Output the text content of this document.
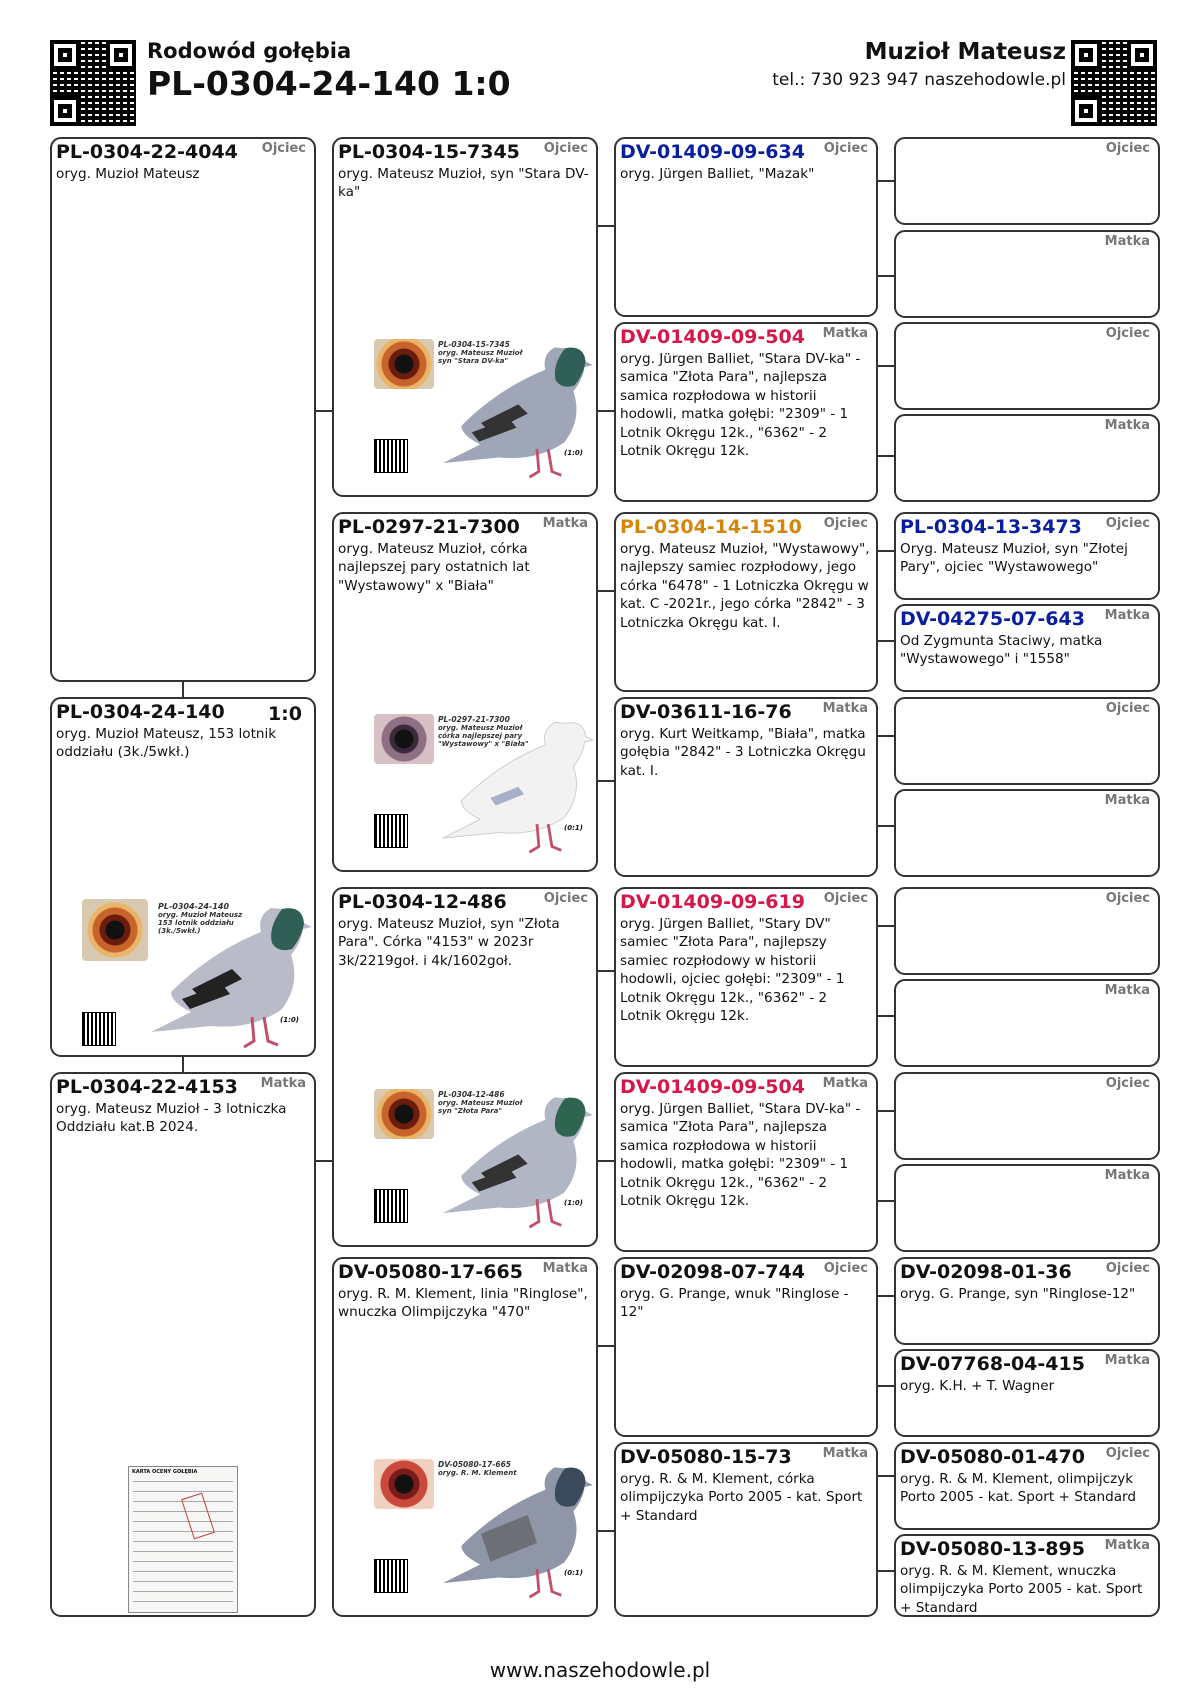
Rodowód gołębia
PL-0304-24-140 1:0
Muzioł Mateusz
tel.: 730 923 947 naszehodowle.pl
PL-0304-22-4044 Ojciec
oryg. Muzioł Mateusz
PL-0304-24-140 1:0
oryg. Muzioł Mateusz, 153 lotnik oddziału (3k./5wkł.)
PL-0304-24-140
oryg. Muzioł Mateusz
153 lotnik oddziału (3k./5wkł.)
(1:0)
PL-0304-22-4153 Matka
oryg. Mateusz Muzioł - 3 lotniczka Oddziału kat.B 2024.
KARTA OCENY GOŁĘBIA
PL-0304-15-7345 Ojciec
oryg. Mateusz Muzioł, syn "Stara DV-ka"
PL-0304-15-7345
oryg. Mateusz Muzioł
syn "Stara DV-ka"
(1:0)
PL-0297-21-7300 Matka
oryg. Mateusz Muzioł, córka najlepszej pary ostatnich lat "Wystawowy" x "Biała"
PL-0297-21-7300
oryg. Mateusz Muzioł
córka najlepszej pary
"Wystawowy" x "Biała"
(0:1)
PL-0304-12-486	Ojciec
oryg. Mateusz Muzioł, syn "Złota Para". Córka "4153" w 2023r 3k/2219goł. i 4k/1602goł.
PL-0304-12-486
oryg. Mateusz Muzioł
syn "Złota Para"
(1:0)
DV-05080-17-665 Matka
oryg. R. M. Klement, linia "Ringlose", wnuczka Olimpijczyka "470"
DV-05080-17-665
oryg. R. M. Klement
(0:1)
DV-01409-09-634 Ojciec
oryg. Jürgen Balliet, "Mazak"
DV-01409-09-504 Matka
oryg. Jürgen Balliet, "Stara DV-ka" - samica "Złota Para", najlepsza samica rozpłodowa w historii hodowli, matka gołębi: "2309" - 1 Lotnik Okręgu 12k., "6362" - 2 Lotnik Okręgu 12k.
PL-0304-14-1510 Ojciec
oryg. Mateusz Muzioł, "Wystawowy", najlepszy samiec rozpłodowy, jego córka "6478" - 1 Lotniczka Okręgu w kat. C -2021r., jego córka "2842" - 3 Lotniczka Okręgu kat. I.
DV-03611-16-76 Matka
oryg. Kurt Weitkamp, "Biała", matka gołębia "2842" - 3 Lotniczka Okręgu kat. I.
DV-01409-09-619 Ojciec
oryg. Jürgen Balliet, "Stary DV" samiec "Złota Para", najlepszy samiec rozpłodowy w historii hodowli, ojciec gołębi: "2309" - 1 Lotnik Okręgu 12k., "6362" - 2 Lotnik Okręgu 12k.
DV-01409-09-504 Matka
oryg. Jürgen Balliet, "Stara DV-ka" - samica "Złota Para", najlepsza samica rozpłodowa w historii hodowli, matka gołębi: "2309" - 1 Lotnik Okręgu 12k., "6362" - 2 Lotnik Okręgu 12k.
DV-02098-07-744 Ojciec
oryg. G. Prange, wnuk "Ringlose - 12"
DV-05080-15-73 Matka
oryg. R. & M. Klement, córka olimpijczyka Porto 2005 - kat. Sport + Standard
Ojciec
Matka
Ojciec
Matka
PL-0304-13-3473 Ojciec
Oryg. Mateusz Muzioł, syn "Złotej Pary", ojciec "Wystawowego"
DV-04275-07-643 Matka
Od Zygmunta Staciwy, matka "Wystawowego" i "1558"
Ojciec
Matka
Ojciec
Matka
Ojciec
Matka
DV-02098-01-36	Ojciec
oryg. G. Prange, syn "Ringlose-12"
DV-07768-04-415 Matka
oryg. K.H. + T. Wagner
DV-05080-01-470 Ojciec
oryg. R. & M. Klement, olimpijczyk Porto 2005 - kat. Sport + Standard
DV-05080-13-895 Matka
oryg. R. & M. Klement, wnuczka olimpijczyka Porto 2005 - kat. Sport + Standard
www.naszehodowle.pl
